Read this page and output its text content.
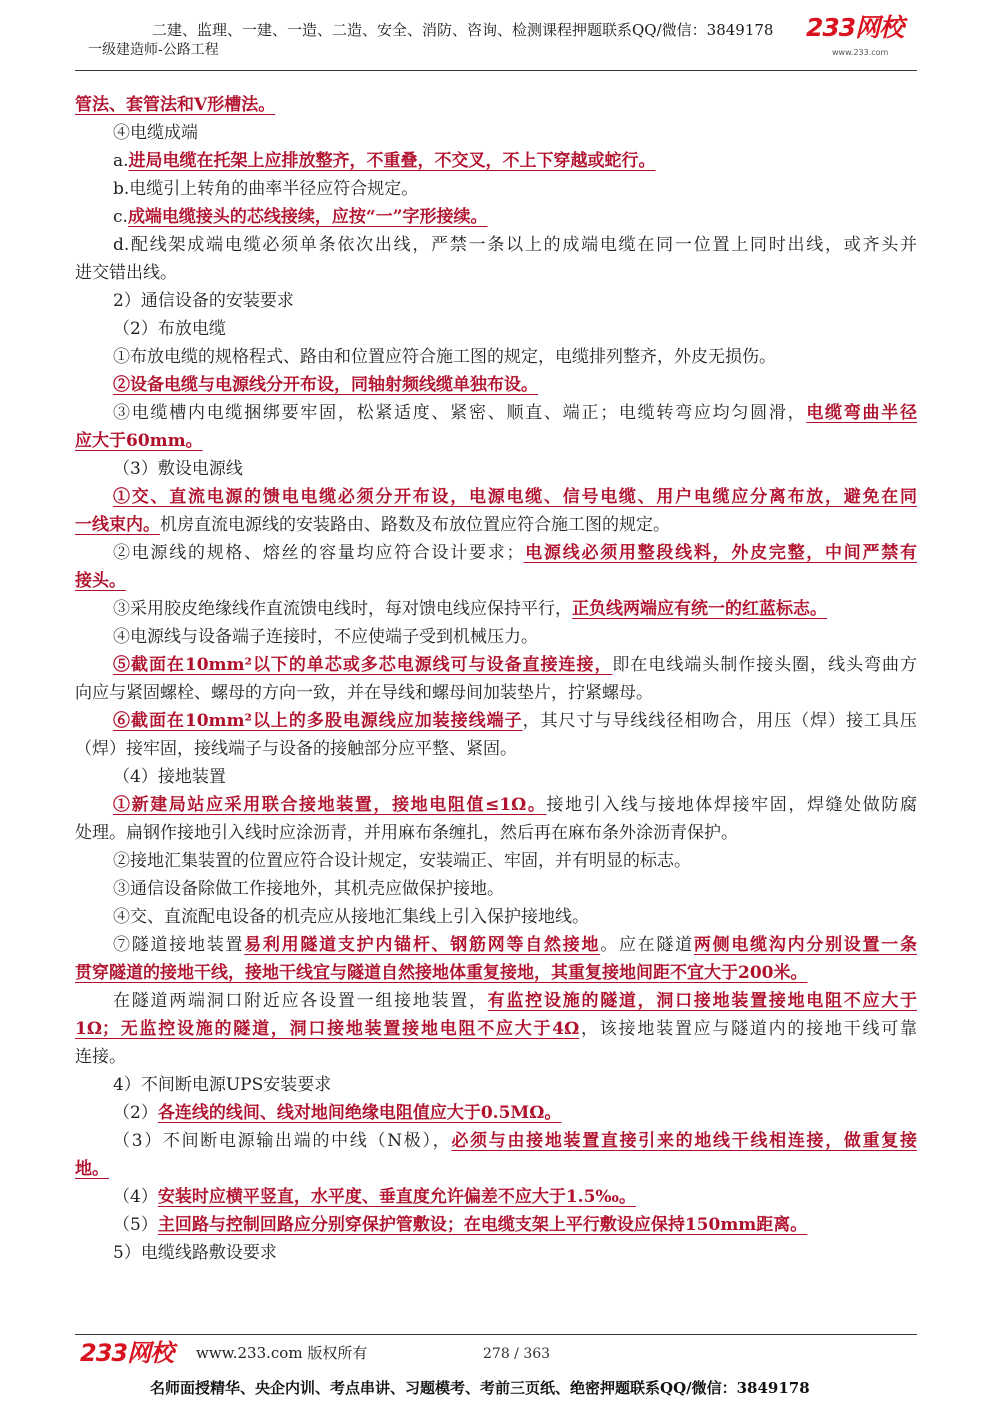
二建、监理、一建、一造、二造、安全、消防、咨询、检测课程押题联系QQ/微信：3849178
一级建造师-公路工程
233网校
www.233.com
管法、套管法和V形槽法。
④电缆成端
a.进局电缆在托架上应排放整齐，不重叠，不交叉，不上下穿越或蛇行。
b.电缆引上转角的曲率半径应符合规定。
c.成端电缆接头的芯线接续，应按“一”字形接续。
d.配线架成端电缆必须单条依次出线，严禁一条以上的成端电缆在同一位置上同时出线，或齐头并
进交错出线。
2）通信设备的安装要求
（2）布放电缆
①布放电缆的规格程式、路由和位置应符合施工图的规定，电缆排列整齐，外皮无损伤。
②设备电缆与电源线分开布设，同轴射频线缆单独布设。
③电缆槽内电缆捆绑要牢固，松紧适度、紧密、顺直、端正；电缆转弯应均匀圆滑，电缆弯曲半径
应大于60mm。
（3）敷设电源线
①交、直流电源的馈电电缆必须分开布设，电源电缆、信号电缆、用户电缆应分离布放，避免在同
一线束内。机房直流电源线的安装路由、路数及布放位置应符合施工图的规定。
②电源线的规格、熔丝的容量均应符合设计要求；电源线必须用整段线料，外皮完整，中间严禁有
接头。
③采用胶皮绝缘线作直流馈电线时，每对馈电线应保持平行，正负线两端应有统一的红蓝标志。
④电源线与设备端子连接时，不应使端子受到机械压力。
⑤截面在10mm²以下的单芯或多芯电源线可与设备直接连接，即在电线端头制作接头圈，线头弯曲方
向应与紧固螺栓、螺母的方向一致，并在导线和螺母间加装垫片，拧紧螺母。
⑥截面在10mm²以上的多股电源线应加装接线端子，其尺寸与导线线径相吻合，用压（焊）接工具压
（焊）接牢固，接线端子与设备的接触部分应平整、紧固。
（4）接地装置
①新建局站应采用联合接地装置，接地电阻值≤1Ω。接地引入线与接地体焊接牢固，焊缝处做防腐
处理。扁钢作接地引入线时应涂沥青，并用麻布条缠扎，然后再在麻布条外涂沥青保护。
②接地汇集装置的位置应符合设计规定，安装端正、牢固，并有明显的标志。
③通信设备除做工作接地外，其机壳应做保护接地。
④交、直流配电设备的机壳应从接地汇集线上引入保护接地线。
⑦隧道接地装置易利用隧道支护内锚杆、钢筋网等自然接地。应在隧道两侧电缆沟内分别设置一条
贯穿隧道的接地干线，接地干线宜与隧道自然接地体重复接地，其重复接地间距不宜大于200米。
在隧道两端洞口附近应各设置一组接地装置，有监控设施的隧道，洞口接地装置接地电阻不应大于
1Ω；无监控设施的隧道，洞口接地装置接地电阻不应大于4Ω，该接地装置应与隧道内的接地干线可靠
连接。
4）不间断电源UPS安装要求
（2）各连线的线间、线对地间绝缘电阻值应大于0.5MΩ。
（3）不间断电源输出端的中线（N极），必须与由接地装置直接引来的地线干线相连接，做重复接
地。
（4）安装时应横平竖直，水平度、垂直度允许偏差不应大于1.5‰。
（5）主回路与控制回路应分别穿保护管敷设；在电缆支架上平行敷设应保持150mm距离。
5）电缆线路敷设要求
233网校 www.233.com 版权所有	278 / 363
名师面授精华、央企内训、考点串讲、习题模考、考前三页纸、绝密押题联系QQ/微信：3849178
